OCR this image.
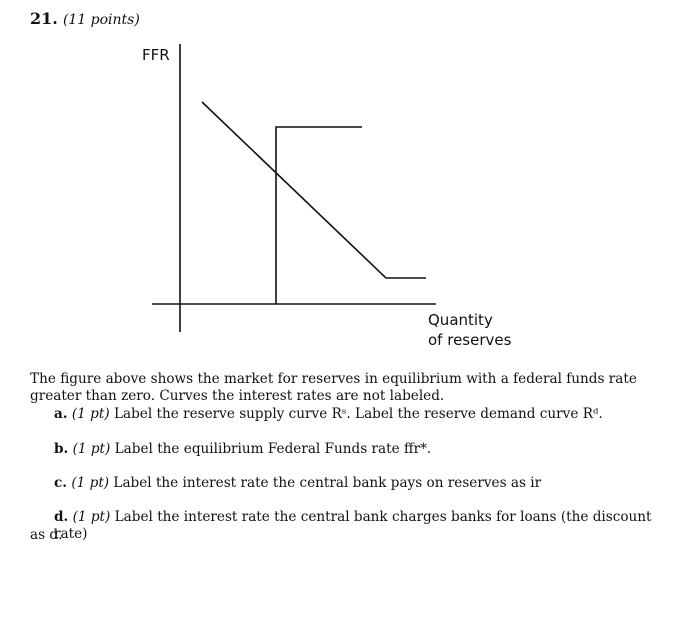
21. (11 points)
FFR
Quantity
of reserves
The figure above shows the market for reserves in equilibrium with a federal funds rate greater than zero. Curves the interest rates are not labeled.
a. (1 pt) Label the reserve supply curve Rˢ. Label the reserve demand curve Rᵈ.
b. (1 pt) Label the equilibrium Federal Funds rate ffr*.
c. (1 pt) Label the interest rate the central bank pays on reserves as ir
d. (1 pt) Label the interest rate the central bank charges banks for loans (the discount rate)
as d.
